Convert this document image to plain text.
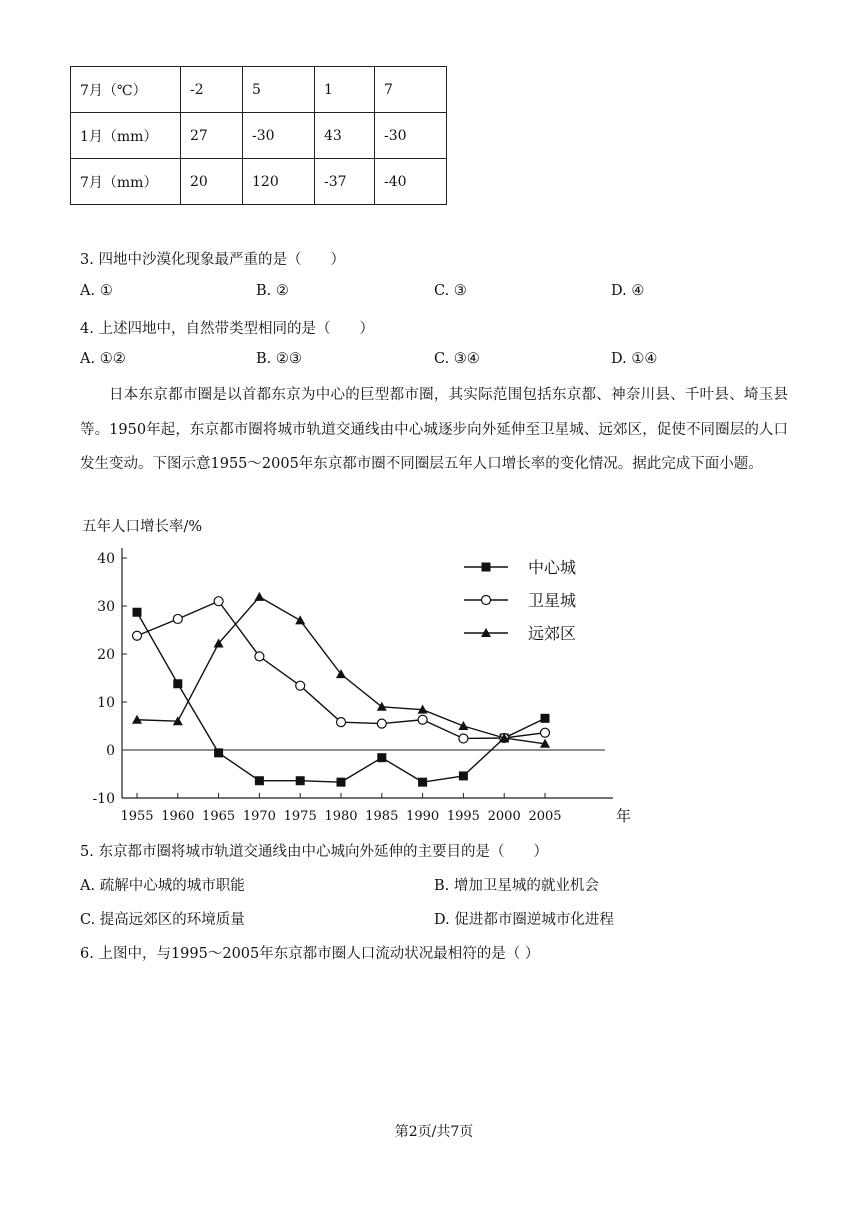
7月（℃）	-2	5	1	7
1月（mm）	27	-30	43	-30
7月（mm）	20	120	-37	-40
3. 四地中沙漠化现象最严重的是（　　）
A. ①	B. ②	C. ③	D. ④
4. 上述四地中，自然带类型相同的是（　　）
A. ①②	B. ②③	C. ③④	D. ①④
日本东京都市圈是以首都东京为中心的巨型都市圈，其实际范围包括东京都、神奈川县、千叶县、埼玉县等。1950年起，东京都市圈将城市轨道交通线由中心城逐步向外延伸至卫星城、远郊区，促使不同圈层的人口发生变动。下图示意1955～2005年东京都市圈不同圈层五年人口增长率的变化情况。据此完成下面小题。
五年人口增长率/%
40
30
20
10
0
-10
1955 1960 1965 1970 1975 1980 1985 1990 1995 2000 2005	年
中心城
卫星城
远郊区
5. 东京都市圈将城市轨道交通线由中心城向外延伸的主要目的是（　　）
A. 疏解中心城的城市职能	B. 增加卫星城的就业机会
C. 提高远郊区的环境质量	D. 促进都市圈逆城市化进程
6. 上图中，与1995～2005年东京都市圈人口流动状况最相符的是（ ）
第2页/共7页
